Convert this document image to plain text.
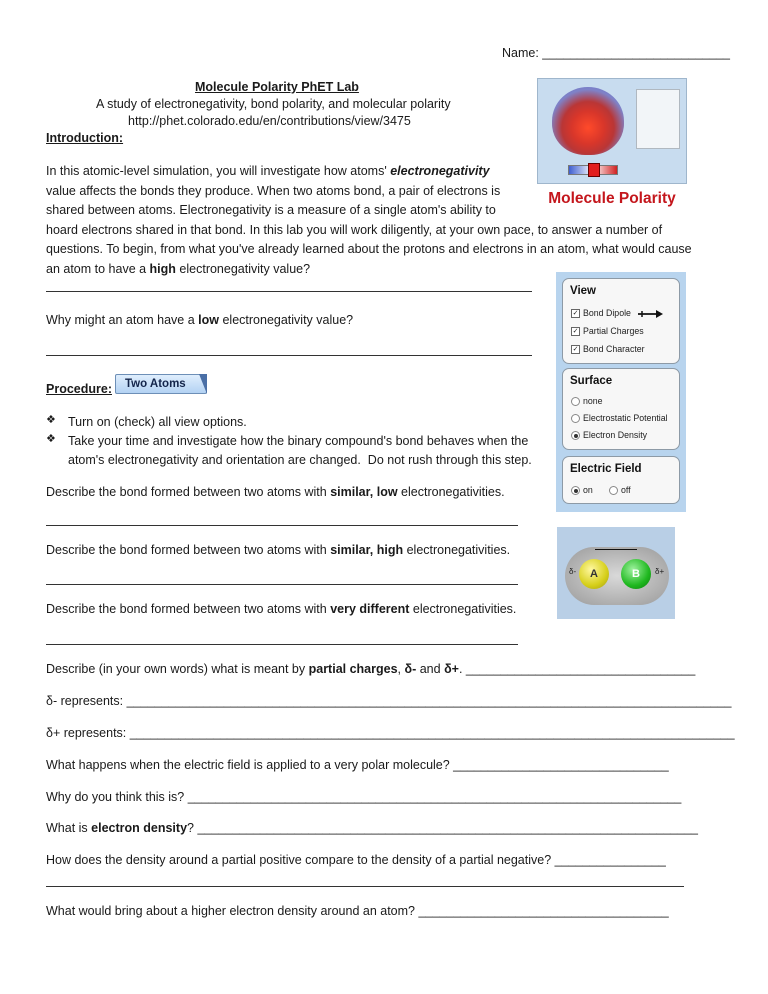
Name: ___________________________
Molecule Polarity PhET Lab
A study of electronegativity, bond polarity, and molecular polarity
http://phet.colorado.edu/en/contributions/view/3475
Introduction:
In this atomic-level simulation, you will investigate how atoms' electronegativity
value affects the bonds they produce. When two atoms bond, a pair of electrons is
shared between atoms. Electronegativity is a measure of a single atom's ability to
hoard electrons shared in that bond. In this lab you will work diligently, at your own pace, to answer a number of
questions. To begin, from what you've already learned about the protons and electrons in an atom, what would cause
an atom to have a high electronegativity value?
Why might an atom have a low electronegativity value?
Procedure:	Two Atoms
❖ Turn on (check) all view options.
❖ Take your time and investigate how the binary compound's bond behaves when the
atom's electronegativity and orientation are changed.  Do not rush through this step.
Describe the bond formed between two atoms with similar, low electronegativities.
Describe the bond formed between two atoms with similar, high electronegativities.
Describe the bond formed between two atoms with very different electronegativities.
Describe (in your own words) what is meant by partial charges, δ- and δ+. _________________________________
δ- represents: _______________________________________________________________________________________
δ+ represents: _______________________________________________________________________________________
What happens when the electric field is applied to a very polar molecule? _______________________________
Why do you think this is? _______________________________________________________________________
What is electron density? ________________________________________________________________________
How does the density around a partial positive compare to the density of a partial negative? ________________
What would bring about a higher electron density around an atom? ____________________________________
Molecule Polarity
View
✓ Bond Dipole
✓ Partial Charges
✓ Bond Character
Surface
none
Electrostatic Potential
Electron Density
Electric Field
on	off
A	B
δ-	δ+
